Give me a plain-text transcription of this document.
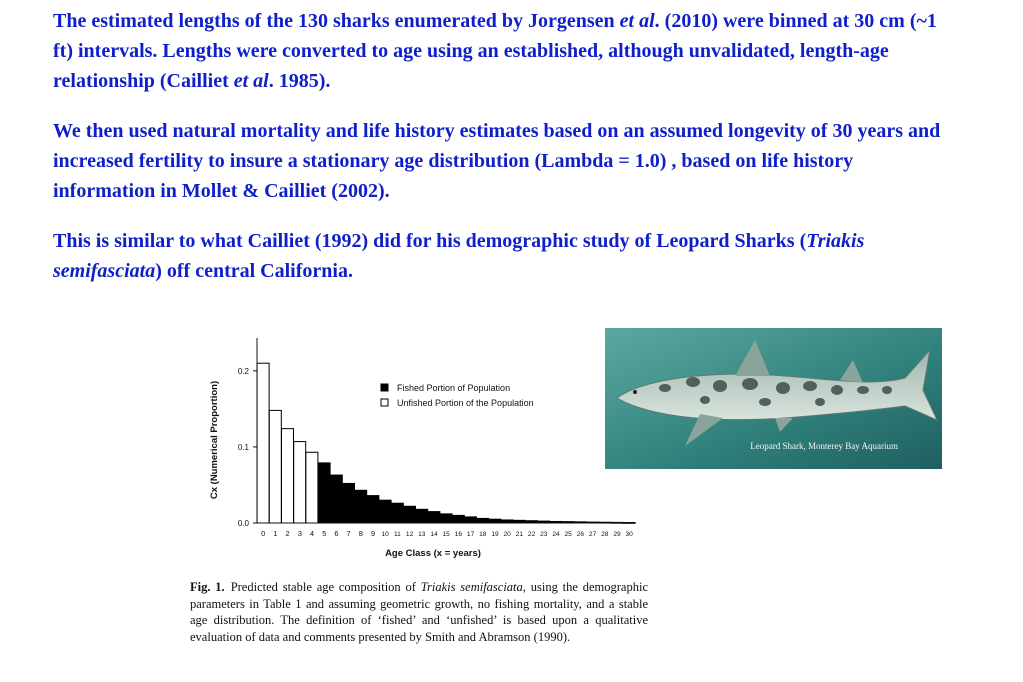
The estimated lengths of the 130 sharks enumerated by Jorgensen et al. (2010) were binned at 30 cm (~1 ft) intervals. Lengths were converted to age using an established, although unvalidated, length-age relationship (Cailliet et al. 1985).
We then used natural mortality and life history estimates based on an assumed longevity of 30 years and increased fertility to insure a stationary age distribution (Lambda = 1.0) , based on life history information in Mollet & Cailliet (2002).
This is similar to what Cailliet (1992) did for his demographic study of Leopard Sharks (Triakis semifasciata) off central California.
0.0
0.1
0.2
0 1 2 3 4 5 6 7 8 9 10 11 12 13 14 15 16 17 18 19 20 21 22 23 24 25 26 27 28 29 30
Fished Portion of Population
Unfished Portion of the Population
Cx (Numerical Proportion)
Age Class (x = years)
Fig. 1. Predicted stable age composition of Triakis semifasciata, using the demographic parameters in Table 1 and assuming geometric growth, no fishing mortality, and a stable age distribution. The definition of ‘fished’ and ‘unfished’ is based upon a qualitative evaluation of data and comments presented by Smith and Abramson (1990).
Leopard Shark, Monterey Bay Aquarium
